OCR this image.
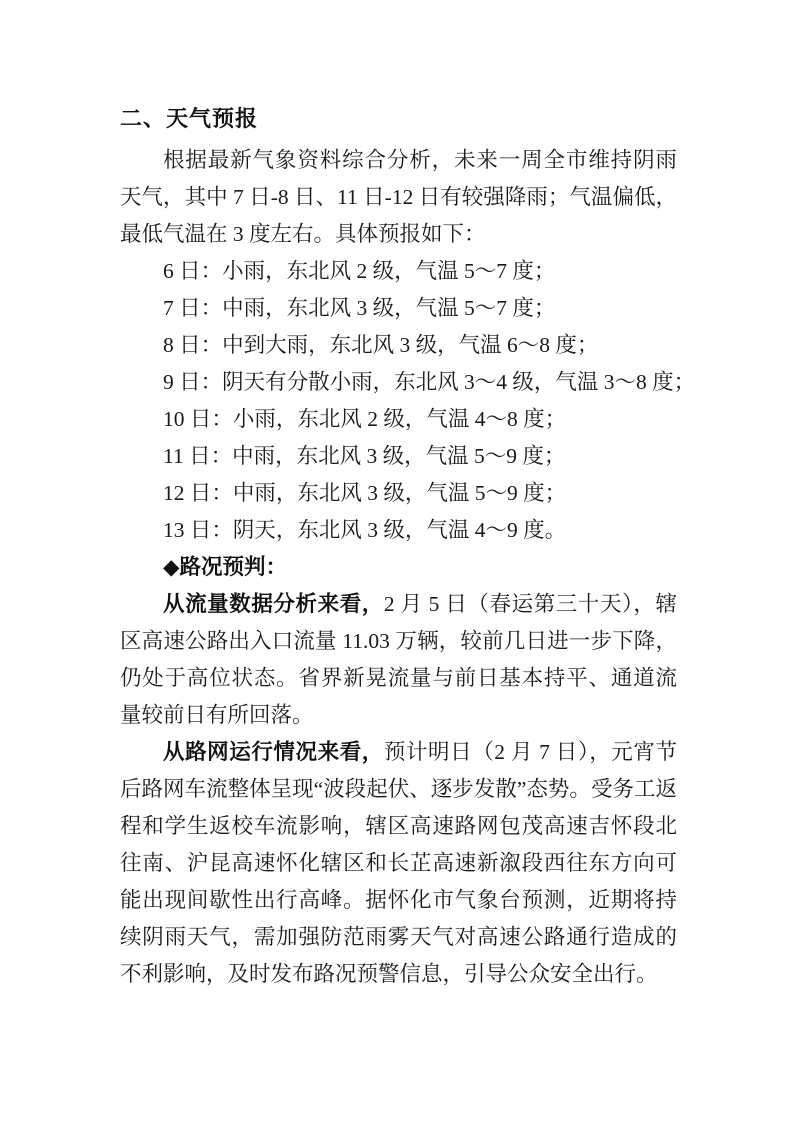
二、天气预报

根据最新气象资料综合分析，未来一周全市维持阴雨天气，其中 7 日-8 日、11 日-12 日有较强降雨；气温偏低，最低气温在 3 度左右。具体预报如下：

6 日：小雨，东北风 2 级，气温 5～7 度；

7 日：中雨，东北风 3 级，气温 5～7 度；

8 日：中到大雨，东北风 3 级，气温 6～8 度；

9 日：阴天有分散小雨，东北风 3～4 级，气温 3～8 度；

10 日：小雨，东北风 2 级，气温 4～8 度；

11 日：中雨，东北风 3 级，气温 5～9 度；

12 日：中雨，东北风 3 级，气温 5～9 度；

13 日：阴天，东北风 3 级，气温 4～9 度。

◆路况预判：

从流量数据分析来看，2 月 5 日（春运第三十天），辖区高速公路出入口流量 11.03 万辆，较前几日进一步下降，仍处于高位状态。省界新晃流量与前日基本持平、通道流量较前日有所回落。

从路网运行情况来看，预计明日（2 月 7 日），元宵节后路网车流整体呈现“波段起伏、逐步发散”态势。受务工返程和学生返校车流影响，辖区高速路网包茂高速吉怀段北往南、沪昆高速怀化辖区和长芷高速新溆段西往东方向可能出现间歇性出行高峰。据怀化市气象台预测，近期将持续阴雨天气，需加强防范雨雾天气对高速公路通行造成的不利影响，及时发布路况预警信息，引导公众安全出行。
